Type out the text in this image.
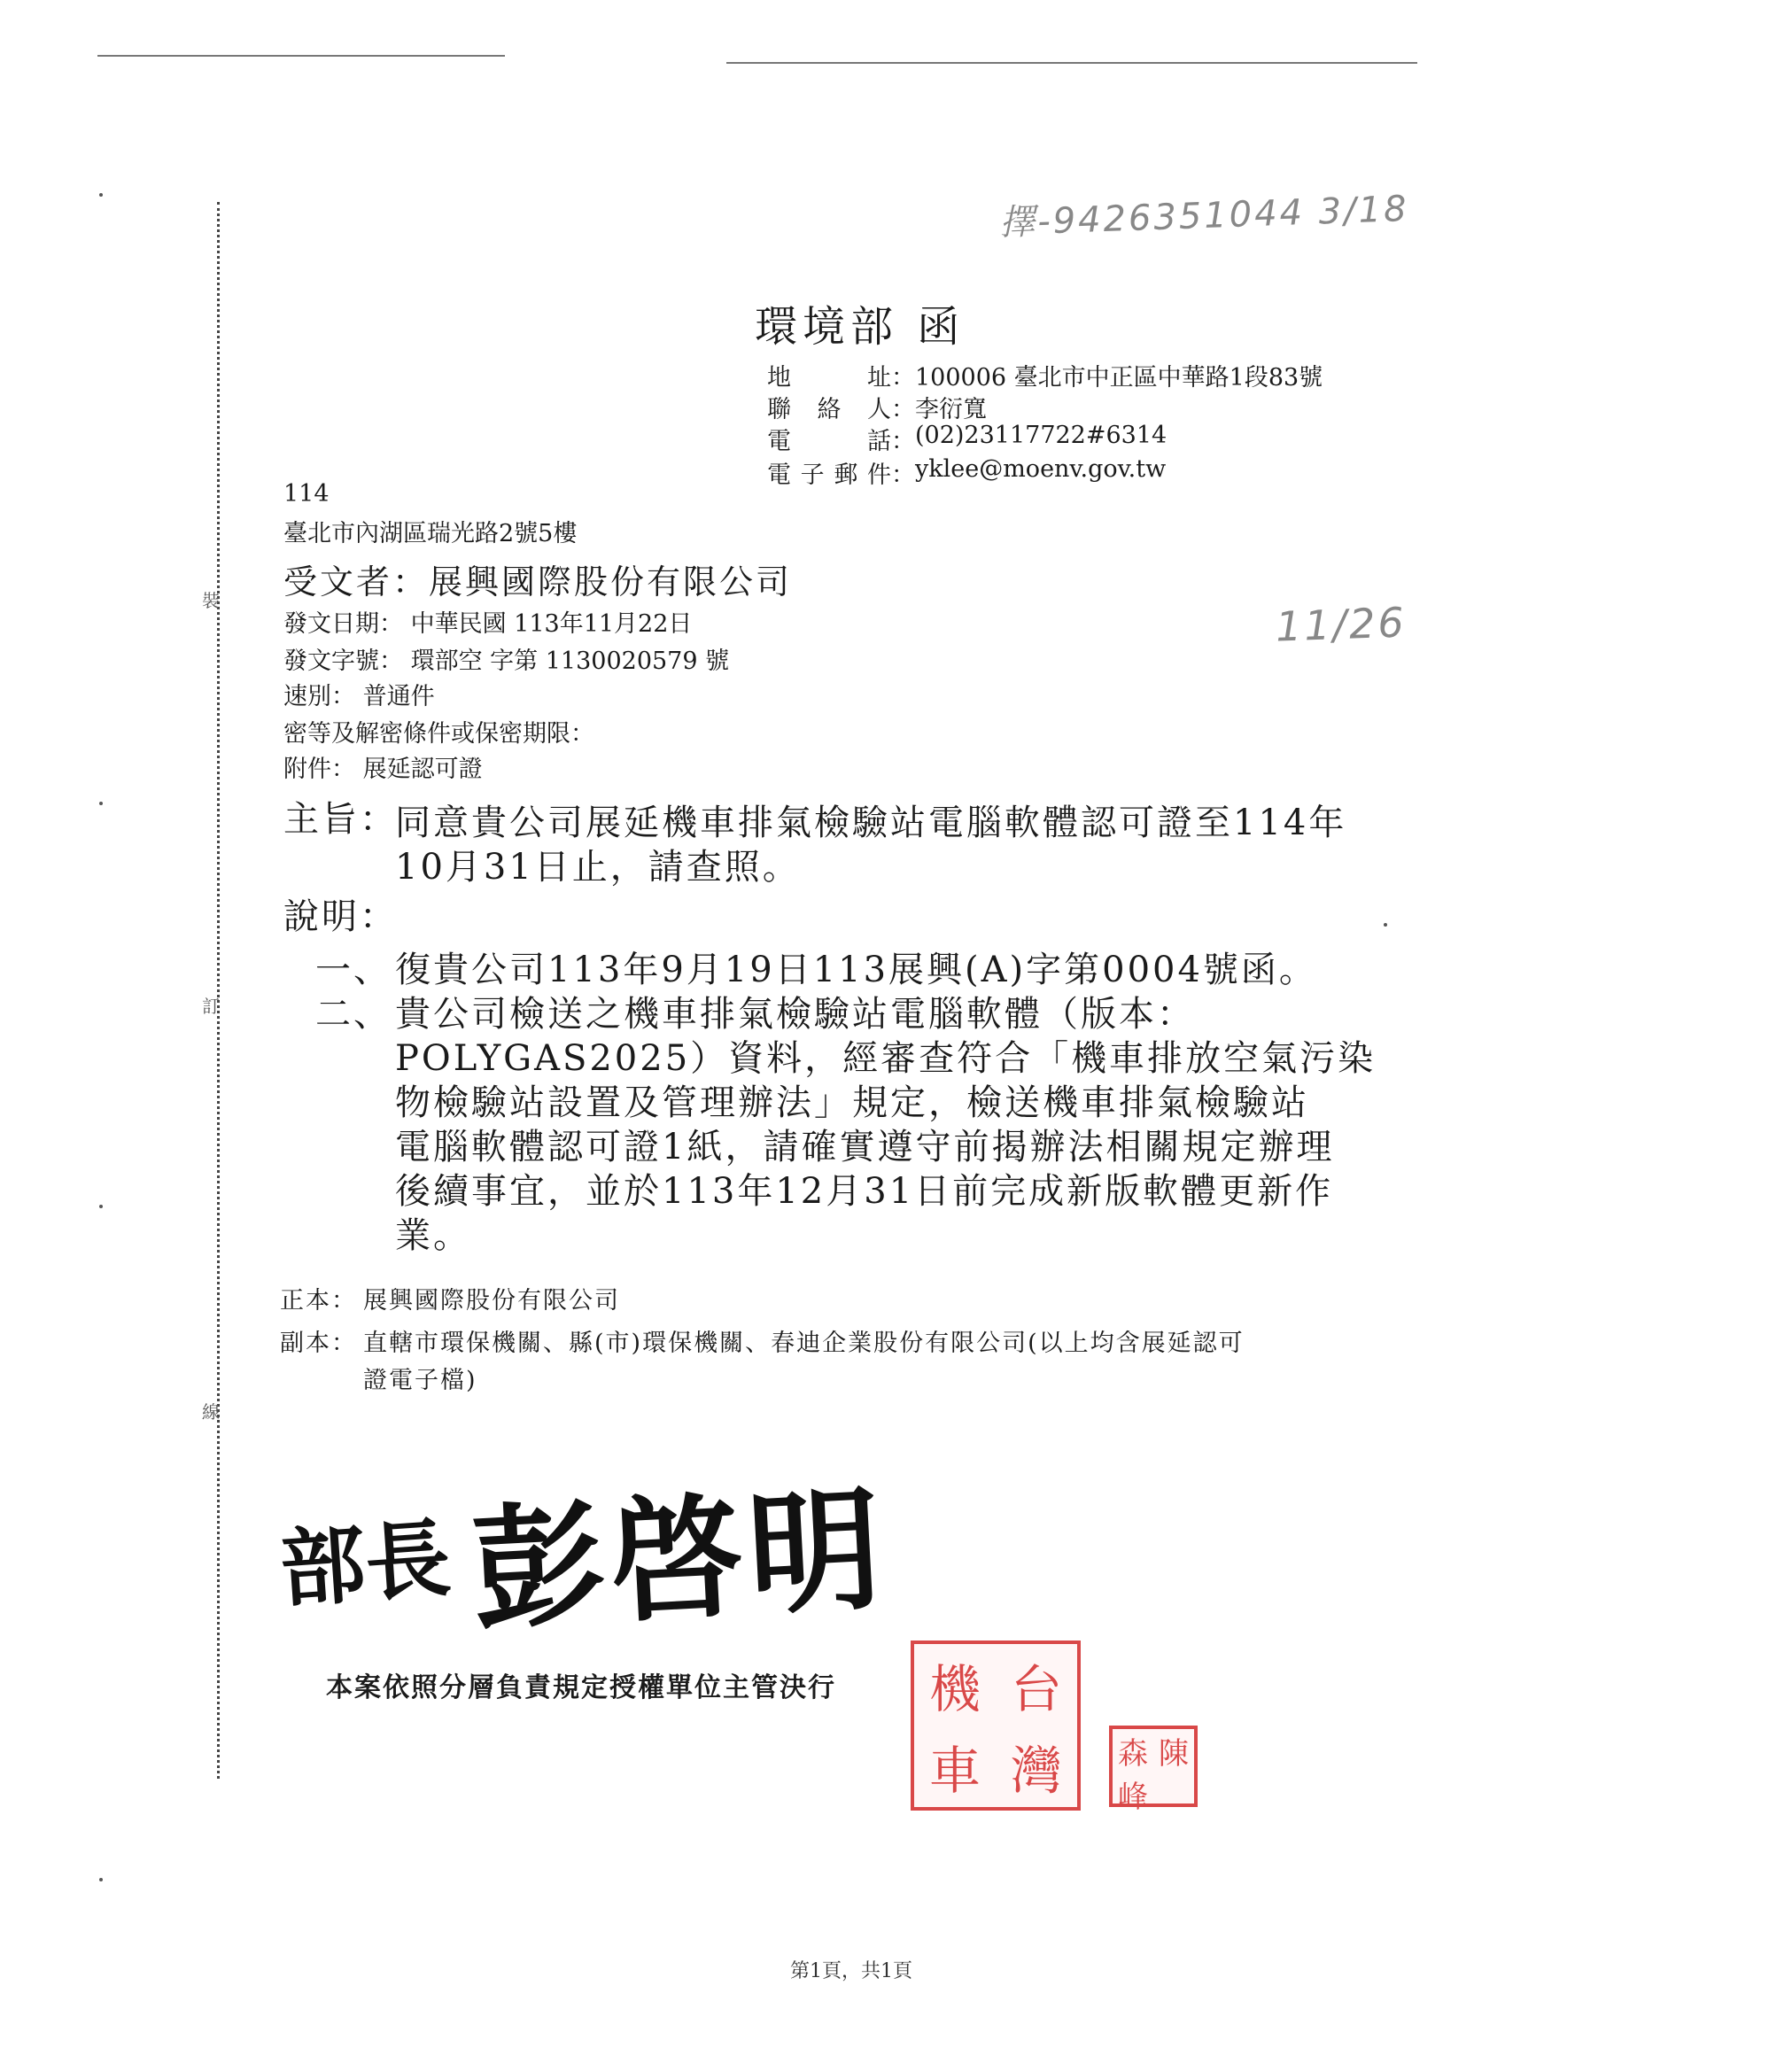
裝
訂
線
擇-9426351044 3/18
11/26
環境部 函
地 址 ： 100006 臺北市中正區中華路1段83號
聯 絡 人 ： 李衍寬
電 話 ： (02)23117722#6314
電子郵件 ： yklee@moenv.gov.tw
114
臺北市內湖區瑞光路2號5樓
受文者：展興國際股份有限公司
發文日期： 中華民國 113年11月22日
發文字號： 環部空 字第 1130020579 號
速別： 普通件
密等及解密條件或保密期限：
附件： 展延認可證
主旨：
同意貴公司展延機車排氣檢驗站電腦軟體認可證至114年
10月31日止，請查照。
說明：
一、 復貴公司113年9月19日113展興(A)字第0004號函。
二、 貴公司檢送之機車排氣檢驗站電腦軟體（版本：
POLYGAS2025）資料，經審查符合「機車排放空氣污染
物檢驗站設置及管理辦法」規定，檢送機車排氣檢驗站
電腦軟體認可證1紙，請確實遵守前揭辦法相關規定辦理
後續事宜，並於113年12月31日前完成新版軟體更新作
業。
正本： 展興國際股份有限公司
副本： 直轄市環保機關、縣(市)環保機關、春迪企業股份有限公司(以上均含展延認可
證電子檔)
部長 彭啓明
本案依照分層負責規定授權單位主管決行 機 台
車 灣	森 陳
峰
第1頁，共1頁
